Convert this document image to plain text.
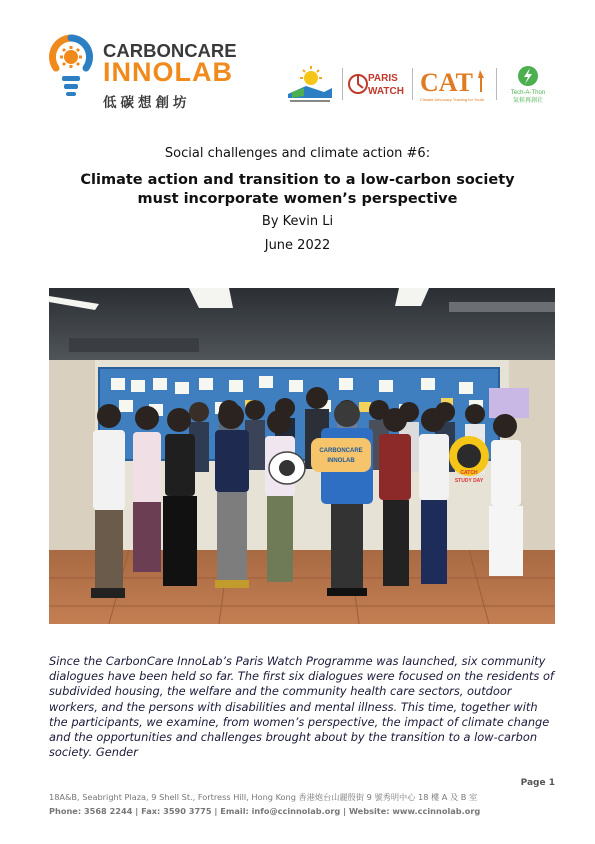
CARBONCARE
INNOLAB
低碳想創坊
PARIS
WATCH CAT
Climate Advocacy Training for Youth
Tech-A-Thon
氣候再創社
Social challenges and climate action #6:
Climate action and transition to a low-carbon society
must incorporate women’s perspective
By Kevin Li
June 2022
CARBONCARE
INNOLAB
CATCH
STUDY DAY

Since the CarbonCare InnoLab’s Paris Watch Programme was launched, six community dialogues have been held so far. The first six dialogues were focused on the residents of subdivided housing, the welfare and the community health care sectors, outdoor workers, and the persons with disabilities and mental illness. This time, together with the participants, we examine, from women’s perspective, the impact of climate change and the opportunities and challenges brought about by the transition to a low-carbon society. Gender

Page 1
18A&B, Seabright Plaza, 9 Shell St., Fortress Hill, Hong Kong 香港炮台山麗殷街 9 號秀明中心 18 樓 A 及 B 室
Phone: 3568 2244 | Fax: 3590 3775 | Email: info@ccinnolab.org | Website: www.ccinnolab.org
